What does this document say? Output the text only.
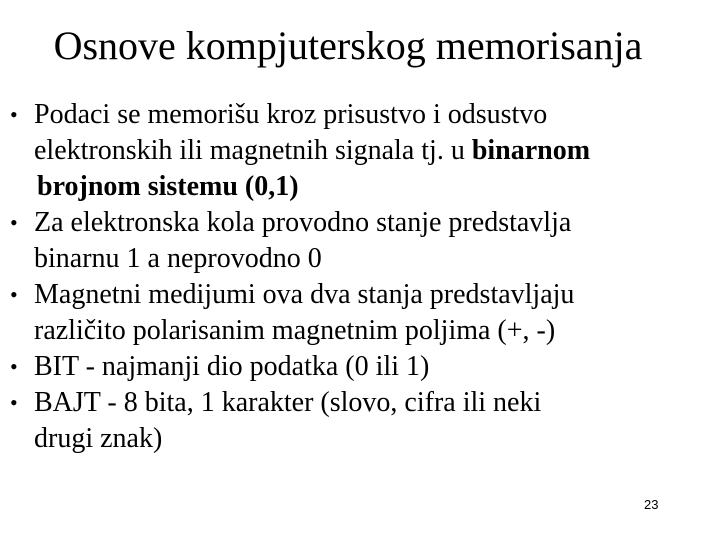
Osnove kompjuterskog memorisanja
• Podaci se memorišu kroz prisustvo i odsustvo
elektronskih ili magnetnih signala tj. u binarnom
brojnom sistemu (0,1)
• Za elektronska kola provodno stanje predstavlja
binarnu 1 a neprovodno 0
• Magnetni medijumi ova dva stanja predstavljaju
različito polarisanim magnetnim poljima (+, -)
• BIT - najmanji dio podatka (0 ili 1)
• BAJT - 8 bita, 1 karakter (slovo, cifra ili neki
drugi znak)
23
